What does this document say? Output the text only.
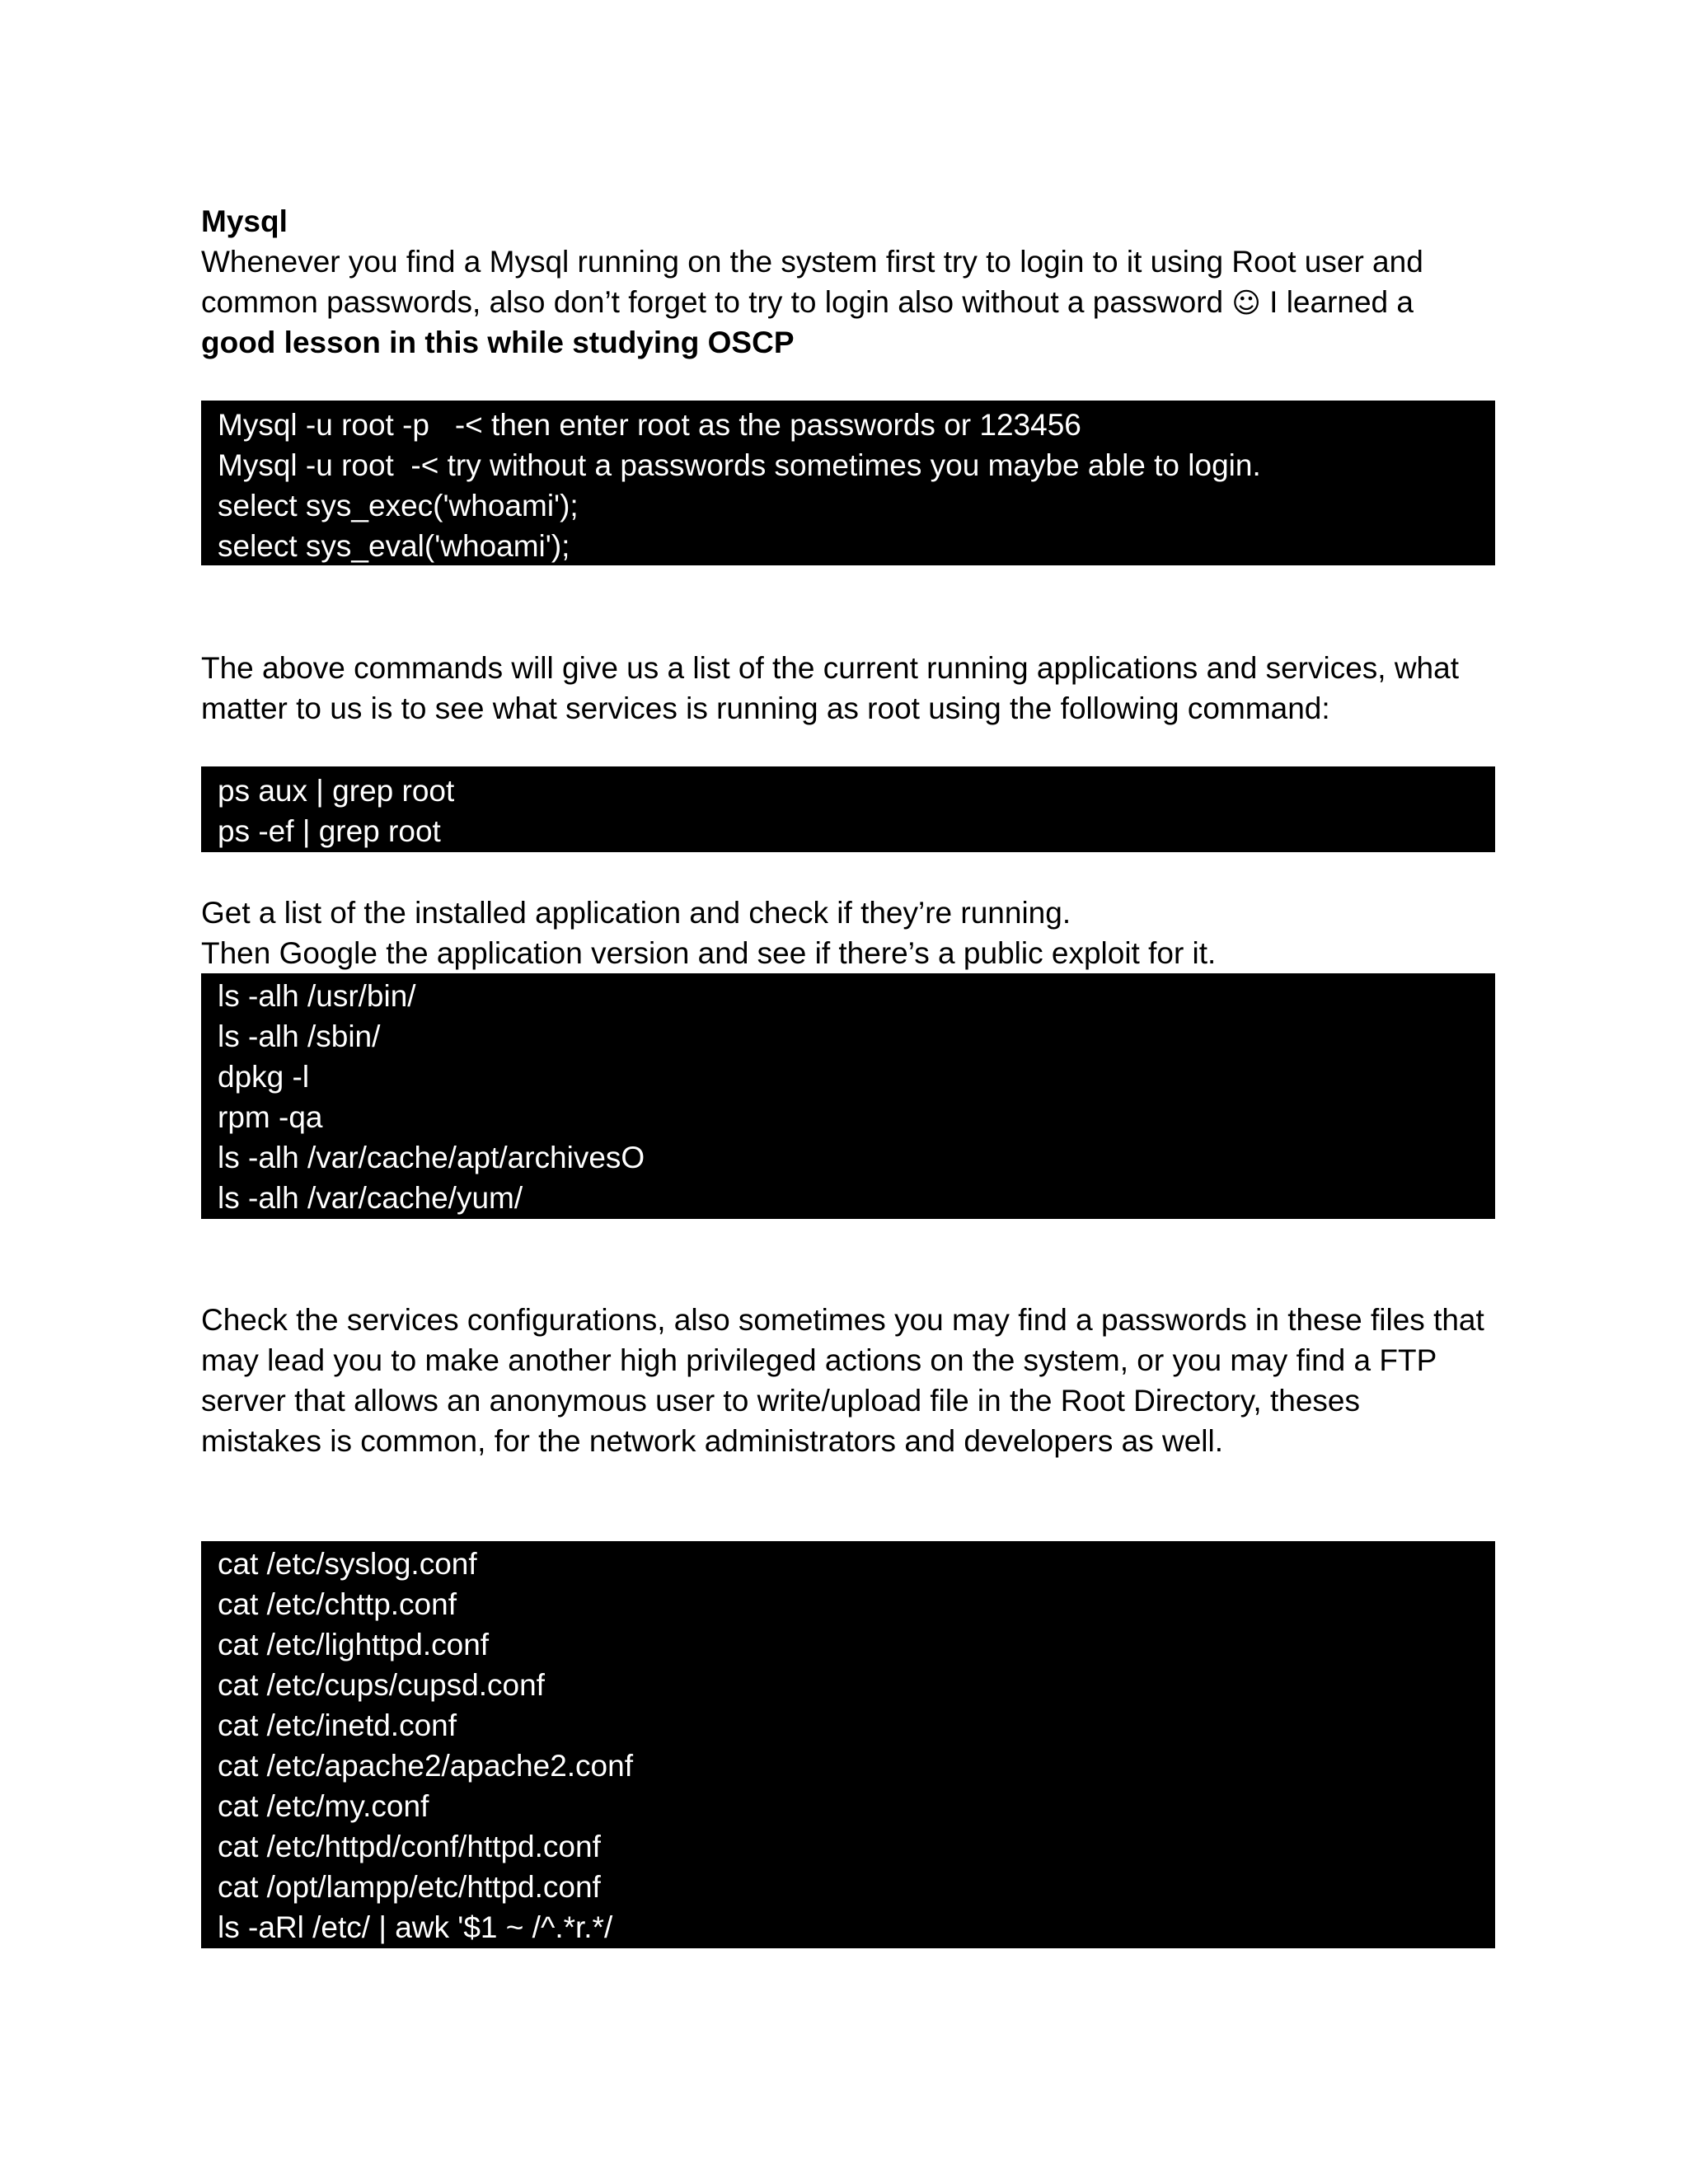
Mysql
Whenever you find a Mysql running on the system first try to login to it using Root user and
common passwords, also don’t forget to try to login also without a password ☺ I learned a
good lesson in this while studying OSCP
Mysql -u root -p   -< then enter root as the passwords or 123456
Mysql -u root  -< try without a passwords sometimes you maybe able to login.
select sys_exec('whoami');
select sys_eval('whoami');
The above commands will give us a list of the current running applications and services, what
matter to us is to see what services is running as root using the following command:
ps aux | grep root
ps -ef | grep root
Get a list of the installed application and check if they’re running.
Then Google the application version and see if there’s a public exploit for it.
ls -alh /usr/bin/
ls -alh /sbin/
dpkg -l
rpm -qa
ls -alh /var/cache/apt/archivesO
ls -alh /var/cache/yum/
Check the services configurations, also sometimes you may find a passwords in these files that
may lead you to make another high privileged actions on the system, or you may find a FTP
server that allows an anonymous user to write/upload file in the Root Directory, theses
mistakes is common, for the network administrators and developers as well.
cat /etc/syslog.conf
cat /etc/chttp.conf
cat /etc/lighttpd.conf
cat /etc/cups/cupsd.conf
cat /etc/inetd.conf
cat /etc/apache2/apache2.conf
cat /etc/my.conf
cat /etc/httpd/conf/httpd.conf
cat /opt/lampp/etc/httpd.conf
ls -aRl /etc/ | awk '$1 ~ /^.*r.*/
